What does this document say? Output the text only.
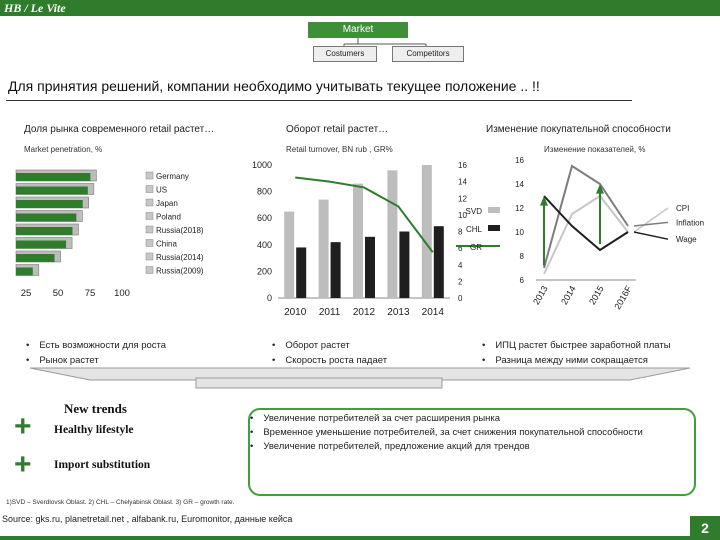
HB / Le Vite
Market
Costumers	Competitors
Для принятия решений, компании необходимо учитывать текущее положение .. !!
Доля рынка современного retail растет…	Оборот retail растет…	Изменение покупательной способности
Market penetration, %	Retail turnover, BN rub , GR%	Изменение показателей, %
Germany
US
Japan
Poland
Russia(2018)
China
Russia(2014)
Russia(2009)
25 50 75 100	0
200
400
600
800
1000
0
2
4
6
8
10
12
14
16
2010 2011 2012 2013 2014
SVD
CHL
GR
6
8
10
12
14
16
2013 2014 2015 2016F
CPI
Inflation
Wage
• Есть возможности для роста
• Рынок растет
• Оборот растет
• Скорость роста падает
• ИПЦ растет быстрее заработной платы
• Разница между ними сокращается
New trends
+ Healthy lifestyle
+ Import substitution
• Увеличение потребителей за счет расширения рынка
• Временное уменьшение потребителей, за счет снижения покупательной способности
• Увеличение потребителей, предложение акций для трендов
1)SVD – Sverdlovsk Oblast. 2) CHL – Chelyabinsk Oblast. 3) GR – growth rate.
Source: gks.ru, planetretail.net , alfabank.ru, Euromonitor, данные кейса
2
